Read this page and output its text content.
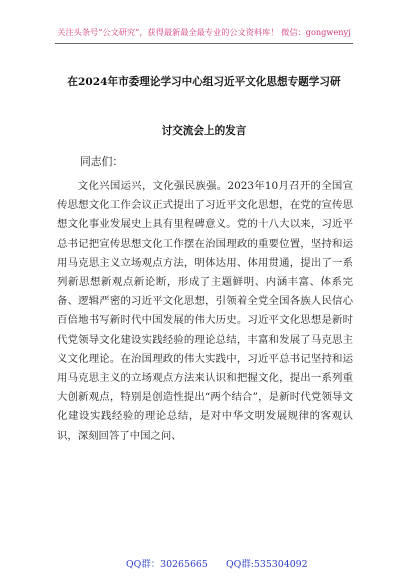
关注头条号“公文研究”，获得最新最全最专业的公文资料库！ 微信：gongwenyj
在2024年市委理论学习中心组习近平文化思想专题学习研
讨交流会上的发言
同志们：

文化兴国运兴，文化强民族强。2023年10月召开的全国宣传思想文化工作会议正式提出了习近平文化思想，在党的宣传思想文化事业发展史上具有里程碑意义。党的十八大以来，习近平总书记把宣传思想文化工作摆在治国理政的重要位置，坚持和运用马克思主义立场观点方法，明体达用、体用贯通，提出了一系列新思想新观点新论断，形成了主题鲜明、内涵丰富、体系完备、逻辑严密的习近平文化思想，引领着全党全国各族人民信心百倍地书写新时代中国发展的伟大历史。习近平文化思想是新时代党领导文化建设实践经验的理论总结，丰富和发展了马克思主义文化理论。在治国理政的伟大实践中，习近平总书记坚持和运用马克思主义的立场观点方法来认识和把握文化，提出一系列重大创新观点，特别是创造性提出“两个结合”，是新时代党领导文化建设实践经验的理论总结，是对中华文明发展规律的客观认识，深刻回答了中国之问、

QQ群：30265665 QQ群:535304092
